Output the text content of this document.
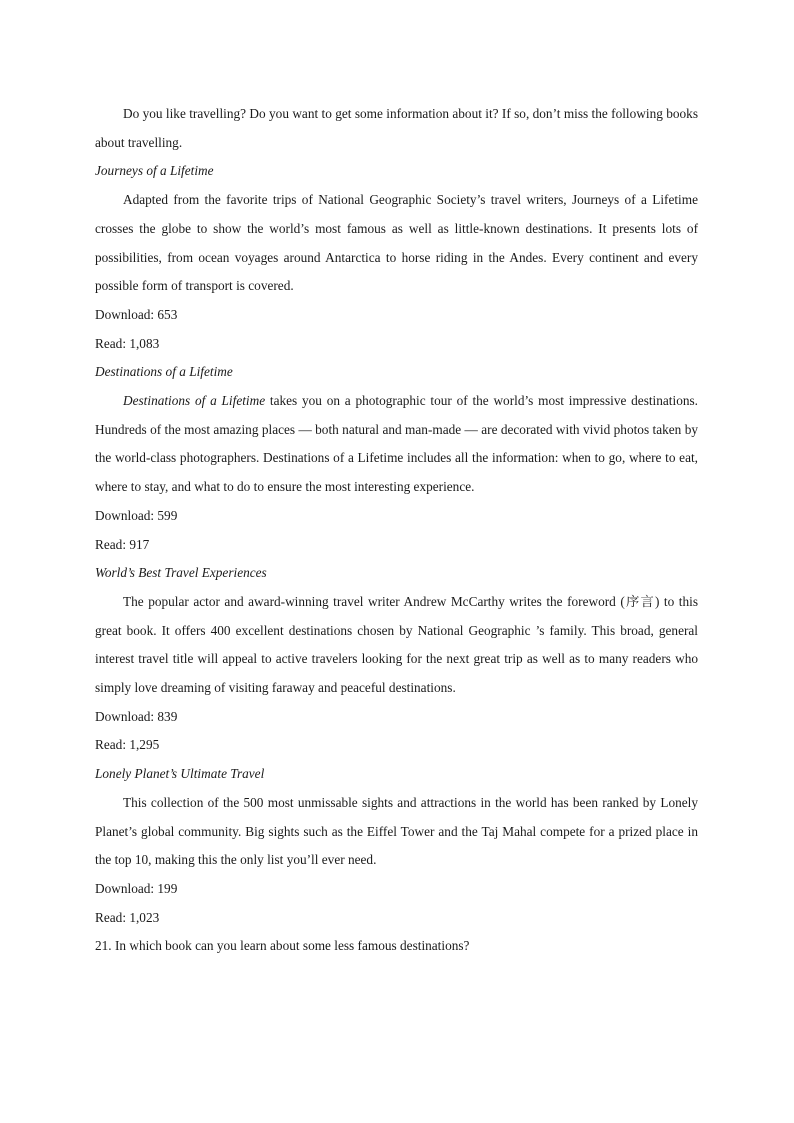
Do you like travelling? Do you want to get some information about it? If so, don’t miss the following books about travelling.

Journeys of a Lifetime

Adapted from the favorite trips of National Geographic Society’s travel writers, Journeys of a Lifetime crosses the globe to show the world’s most famous as well as little-known destinations. It presents lots of possibilities, from ocean voyages around Antarctica to horse riding in the Andes. Every continent and every possible form of transport is covered.

Download: 653

Read: 1,083

Destinations of a Lifetime

Destinations of a Lifetime takes you on a photographic tour of the world’s most impressive destinations. Hundreds of the most amazing places — both natural and man-made — are decorated with vivid photos taken by the world-class photographers. Destinations of a Lifetime includes all the information: when to go, where to eat, where to stay, and what to do to ensure the most interesting experience.

Download: 599

Read: 917

World’s Best Travel Experiences

The popular actor and award-winning travel writer Andrew McCarthy writes the foreword (序言) to this great book. It offers 400 excellent destinations chosen by National Geographic ’s family. This broad, general interest travel title will appeal to active travelers looking for the next great trip as well as to many readers who simply love dreaming of visiting faraway and peaceful destinations.

Download: 839

Read: 1,295

Lonely Planet’s Ultimate Travel

This collection of the 500 most unmissable sights and attractions in the world has been ranked by Lonely Planet’s global community. Big sights such as the Eiffel Tower and the Taj Mahal compete for a prized place in the top 10, making this the only list you’ll ever need.

Download: 199

Read: 1,023

21. In which book can you learn about some less famous destinations?
